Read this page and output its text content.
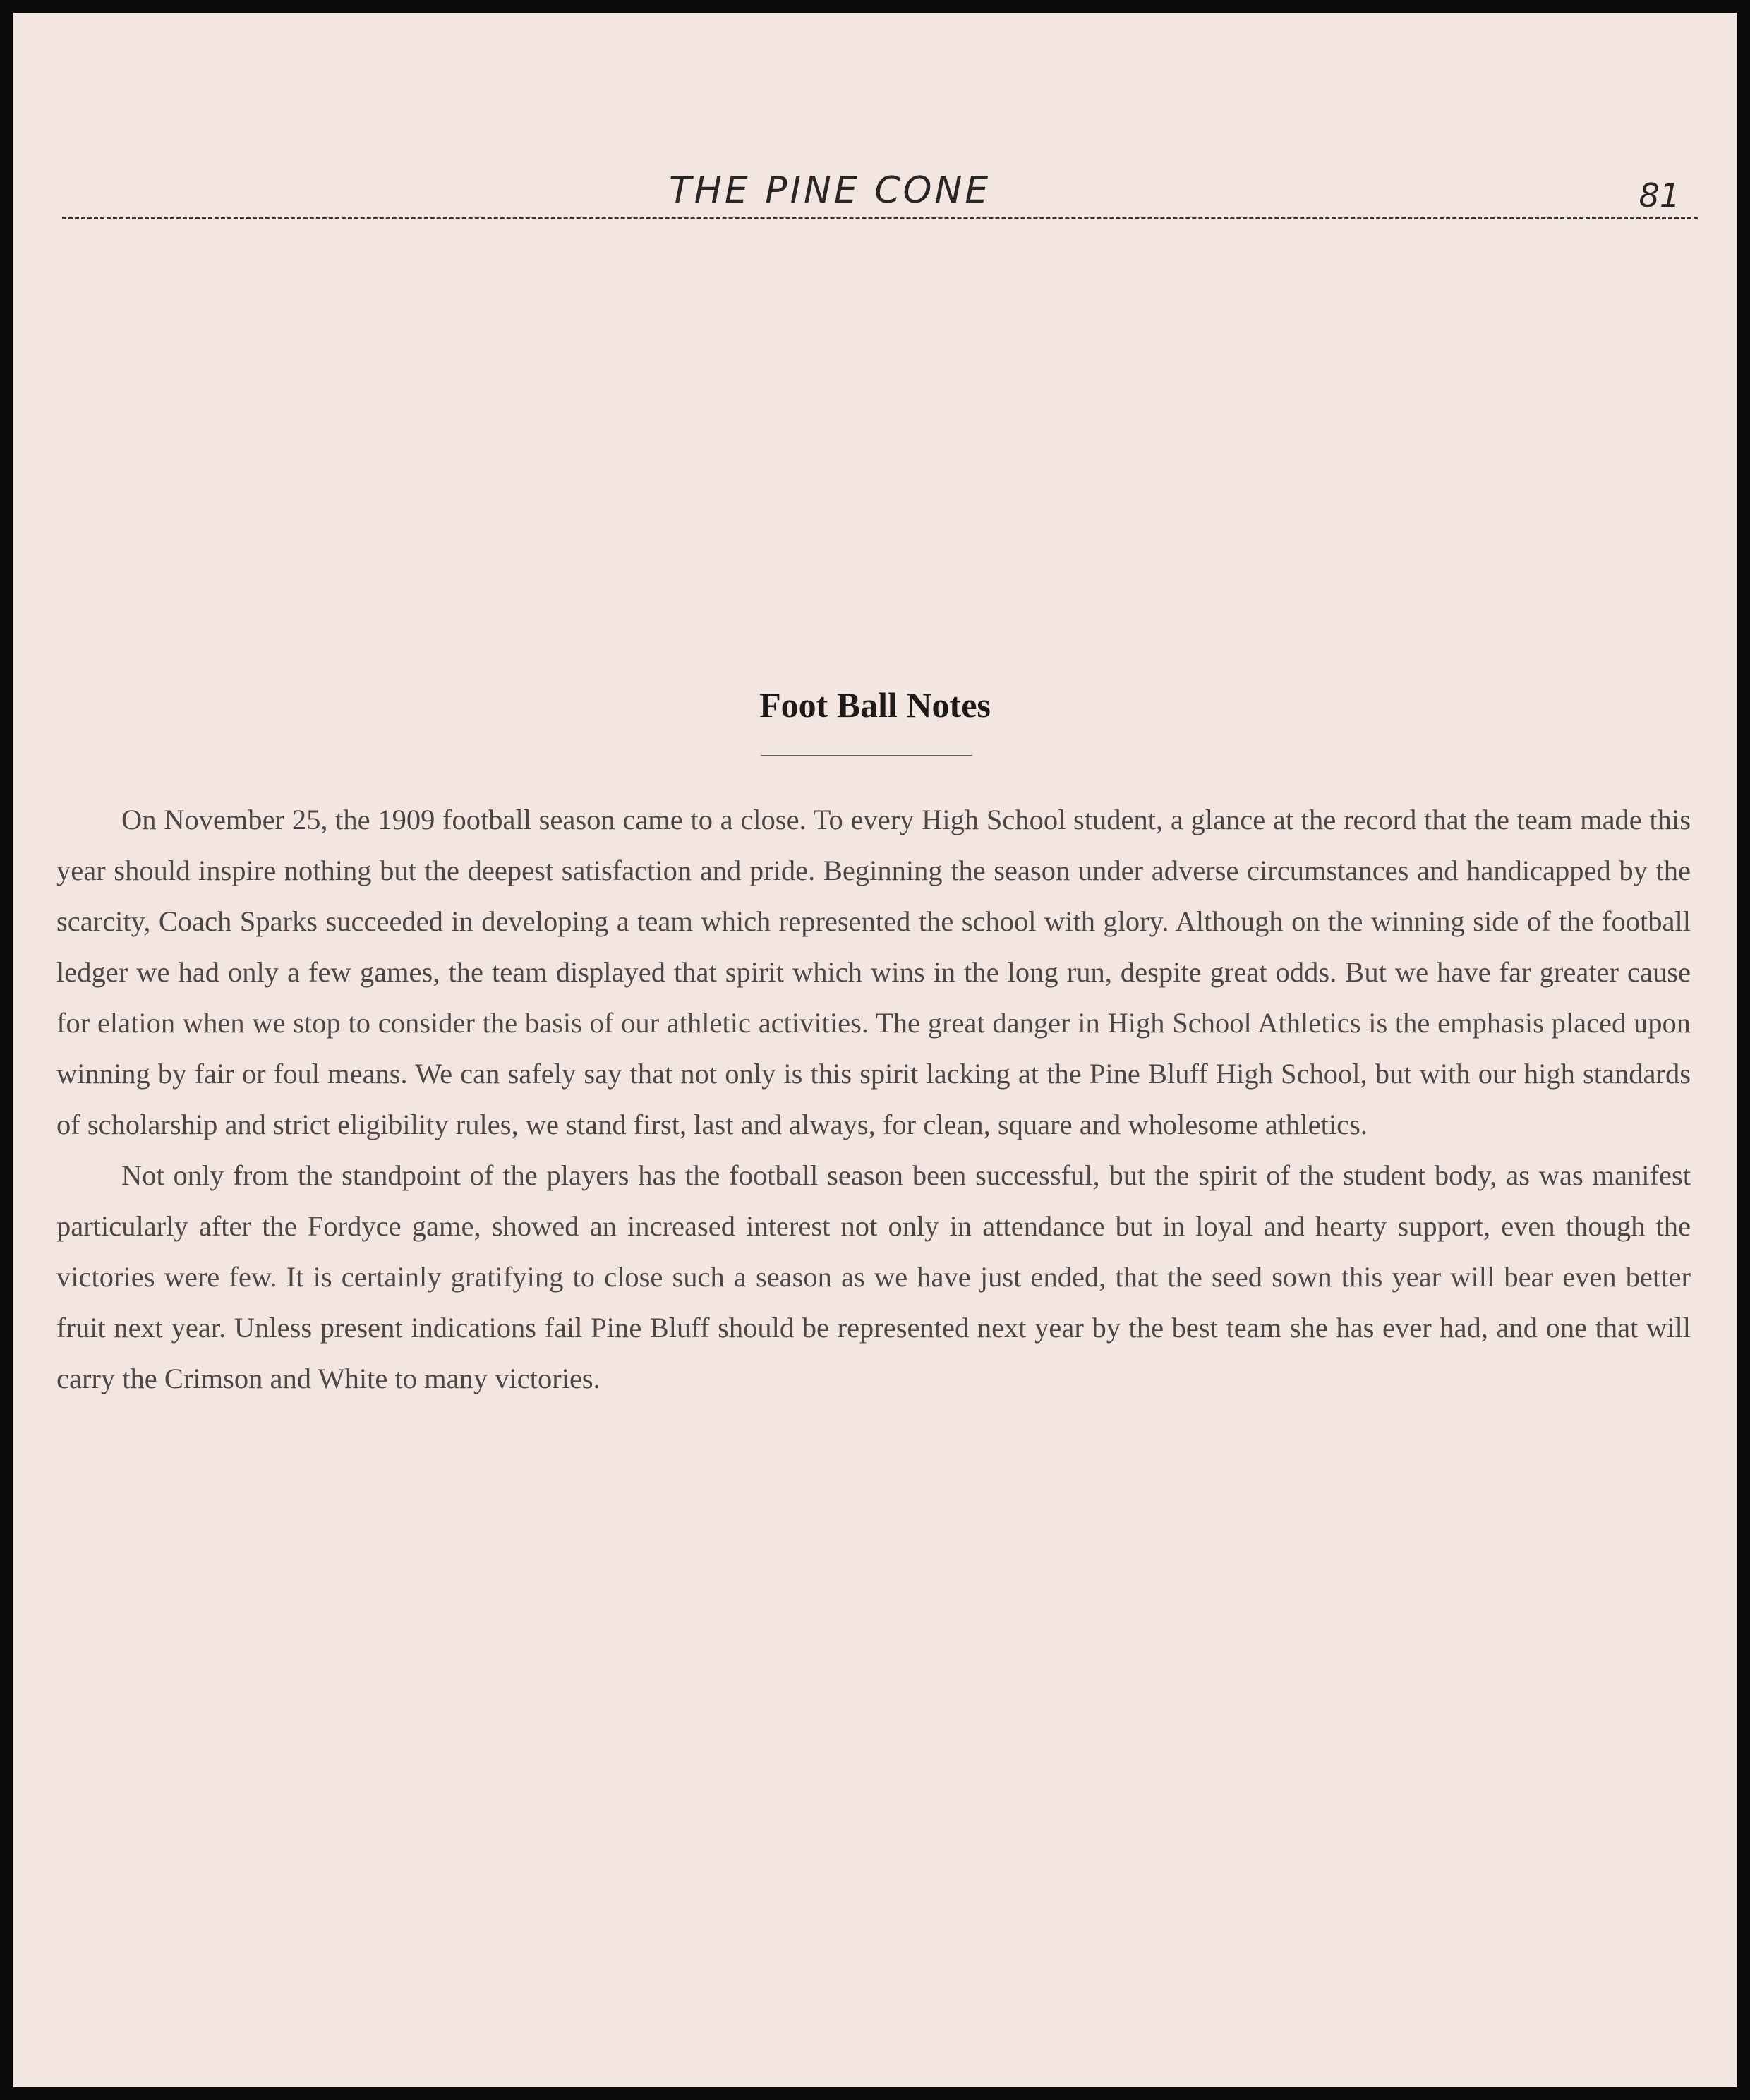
THE PINE CONE	81
Foot Ball Notes

On November 25, the 1909 football season came to a close. To every High School student, a glance at the record that the team made this year should inspire nothing but the deepest satisfaction and pride. Beginning the season under adverse circumstances and handicapped by the scarcity, Coach Sparks succeeded in developing a team which represented the school with glory. Although on the winning side of the football ledger we had only a few games, the team displayed that spirit which wins in the long run, despite great odds. But we have far greater cause for elation when we stop to consider the basis of our athletic activities. The great danger in High School Athletics is the emphasis placed upon winning by fair or foul means. We can safely say that not only is this spirit lacking at the Pine Bluff High School, but with our high standards of scholarship and strict eligibility rules, we stand first, last and always, for clean, square and wholesome athletics.

Not only from the standpoint of the players has the football season been successful, but the spirit of the student body, as was manifest particularly after the Fordyce game, showed an increased interest not only in attendance but in loyal and hearty support, even though the victories were few. It is certainly gratifying to close such a season as we have just ended, that the seed sown this year will bear even better fruit next year. Unless present indications fail Pine Bluff should be represented next year by the best team she has ever had, and one that will carry the Crimson and White to many victories.
